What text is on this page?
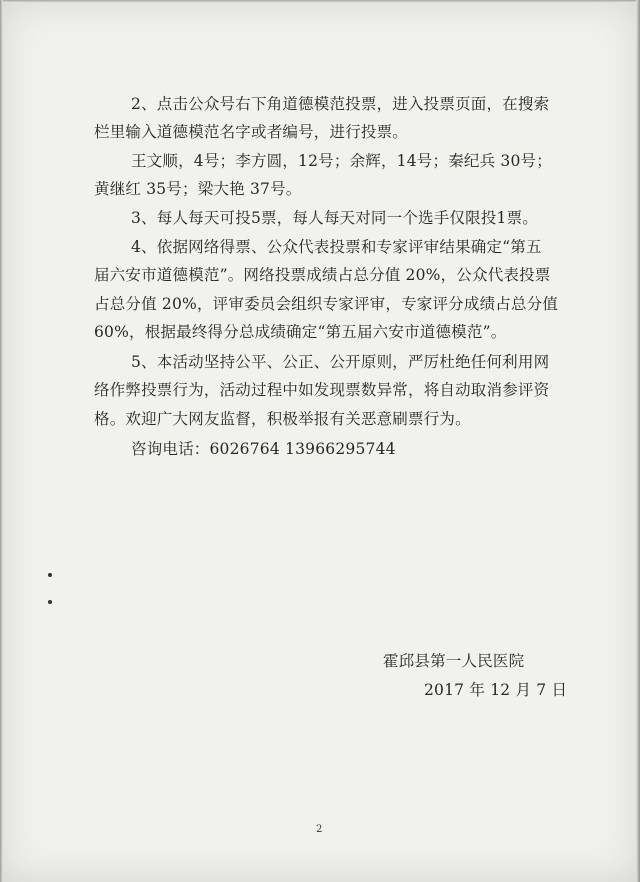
2、点击公众号右下角道德模范投票，进入投票页面，在搜索
栏里输入道德模范名字或者编号，进行投票。
王文顺，4号；李方圆，12号；余辉，14号；秦纪兵 30号；
黄继红 35号；梁大艳 37号。
3、每人每天可投5票，每人每天对同一个选手仅限投1票。
4、依据网络得票、公众代表投票和专家评审结果确定“第五
届六安市道德模范”。网络投票成绩占总分值 20%，公众代表投票
占总分值 20%，评审委员会组织专家评审，专家评分成绩占总分值
60%，根据最终得分总成绩确定“第五届六安市道德模范”。
5、本活动坚持公平、公正、公开原则，严厉杜绝任何利用网
络作弊投票行为，活动过程中如发现票数异常，将自动取消参评资
格。欢迎广大网友监督，积极举报有关恶意刷票行为。
咨询电话：6026764 13966295744
霍邱县第一人民医院
2017 年 12 月 7 日
2
